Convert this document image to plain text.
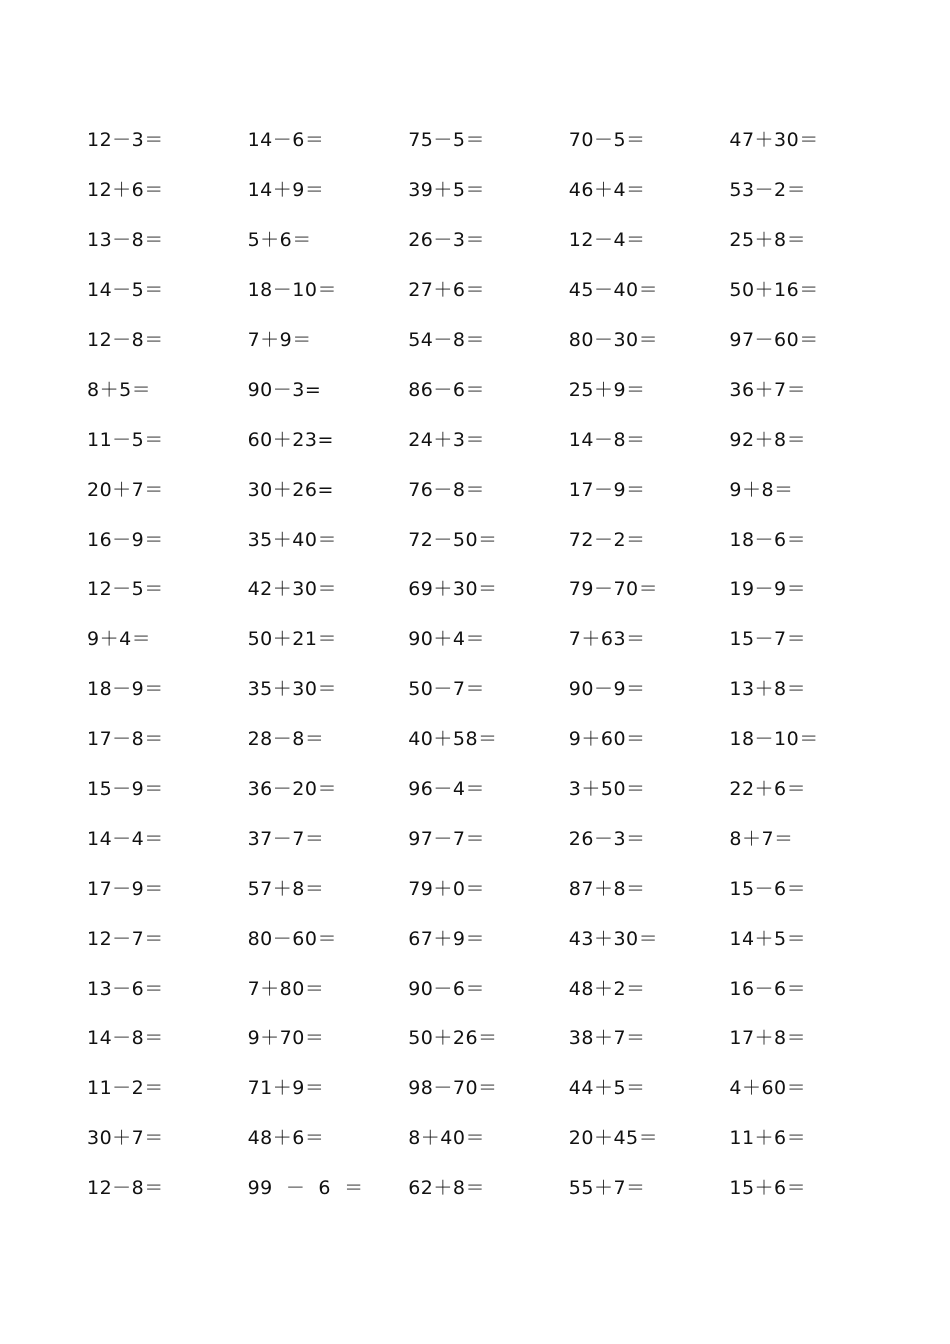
12－3＝	14－6＝	75－5＝	70－5＝	47＋30＝
12＋6＝	14＋9＝	39＋5＝	46＋4＝	53－2＝
13－8＝	5＋6＝	26－3＝	12－4＝	25＋8＝
14－5＝	18－10＝	27＋6＝	45－40＝	50＋16＝
12－8＝	7＋9＝	54－8＝	80－30＝	97－60＝
8＋5＝	90－3=	86－6＝	25＋9＝	36＋7＝
11－5＝	60＋23=	24＋3＝	14－8＝	92＋8＝
20＋7＝	30＋26=	76－8＝	17－9＝	9＋8＝
16－9＝	35＋40＝	72－50＝	72－2＝	18－6＝
12－5＝	42＋30＝	69＋30＝	79－70＝	19－9＝
9＋4＝	50＋21＝	90＋4＝	7＋63＝	15－7＝
18－9＝	35＋30＝	50－7＝	90－9＝	13＋8＝
17－8＝	28－8＝	40＋58＝	9＋60＝	18－10＝
15－9＝	36－20＝	96－4＝	3＋50＝	22＋6＝
14－4＝	37－7＝	97－7＝	26－3＝	8＋7＝
17－9＝	57＋8＝	79＋0＝	87＋8＝	15－6＝
12－7＝	80－60＝	67＋9＝	43＋30＝	14＋5＝
13－6＝	7＋80＝	90－6＝	48＋2＝	16－6＝
14－8＝	9＋70＝	50＋26＝	38＋7＝	17＋8＝
11－2＝	71＋9＝	98－70＝	44＋5＝	4＋60＝
30＋7＝	48＋6＝	8＋40＝	20＋45＝	11＋6＝
12－8＝	99  －  6  ＝	62＋8＝	55＋7＝	15＋6＝
